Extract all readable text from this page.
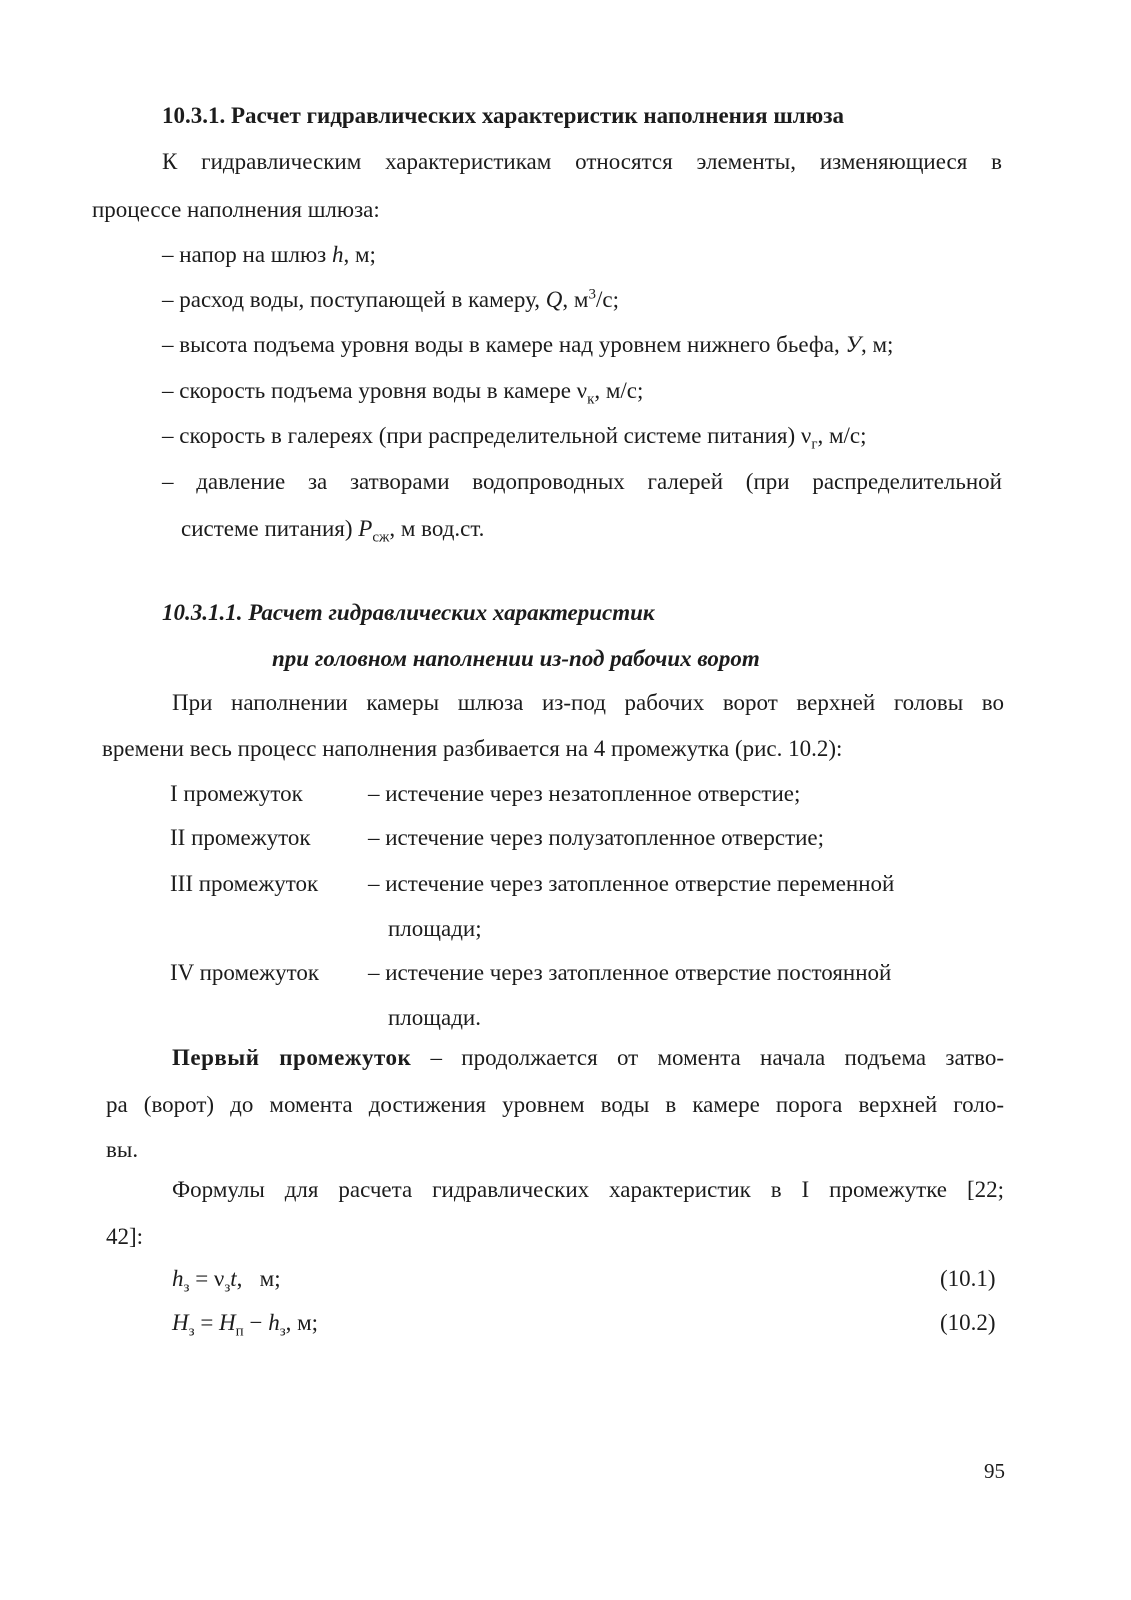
10.3.1. Расчет гидравлических характеристик наполнения шлюза
К гидравлическим характеристикам относятся элементы, изменяющиеся в
процессе наполнения шлюза:
– напор на шлюз h, м;
– расход воды, поступающей в камеру, Q, $м^3/с$;
– высота подъема уровня воды в камере над уровнем нижнего бьефа, У, м;
– скорость подъема уровня воды в камере $\nu_к$, м/с;
– скорость в галереях (при распределительной системе питания) $\nu_г$, м/с;
– давление за затворами водопроводных галерей (при распределительной
системе питания) $P_{сж}$, м вод.ст.
10.3.1.1. Расчет гидравлических характеристик
при головном наполнении из-под рабочих ворот
При наполнении камеры шлюза из-под рабочих ворот верхней головы во
времени весь процесс наполнения разбивается на 4 промежутка (рис. 10.2):
I промежуток	– истечение через незатопленное отверстие;
II промежуток – истечение через полузатопленное отверстие;
III промежуток – истечение через затопленное отверстие переменной
площади;
IV промежуток – истечение через затопленное отверстие постоянной
площади.
Первый промежуток – продолжается от момента начала подъема затво-
ра (ворот) до момента достижения уровнем воды в камере порога верхней голо-
вы.
Формулы для расчета гидравлических характеристик в I промежутке [22;
42]:
$h_з = \nu_зt$,   м;	(10.1)
$H_з = H_п - h_з$, м;	(10.2)
95
